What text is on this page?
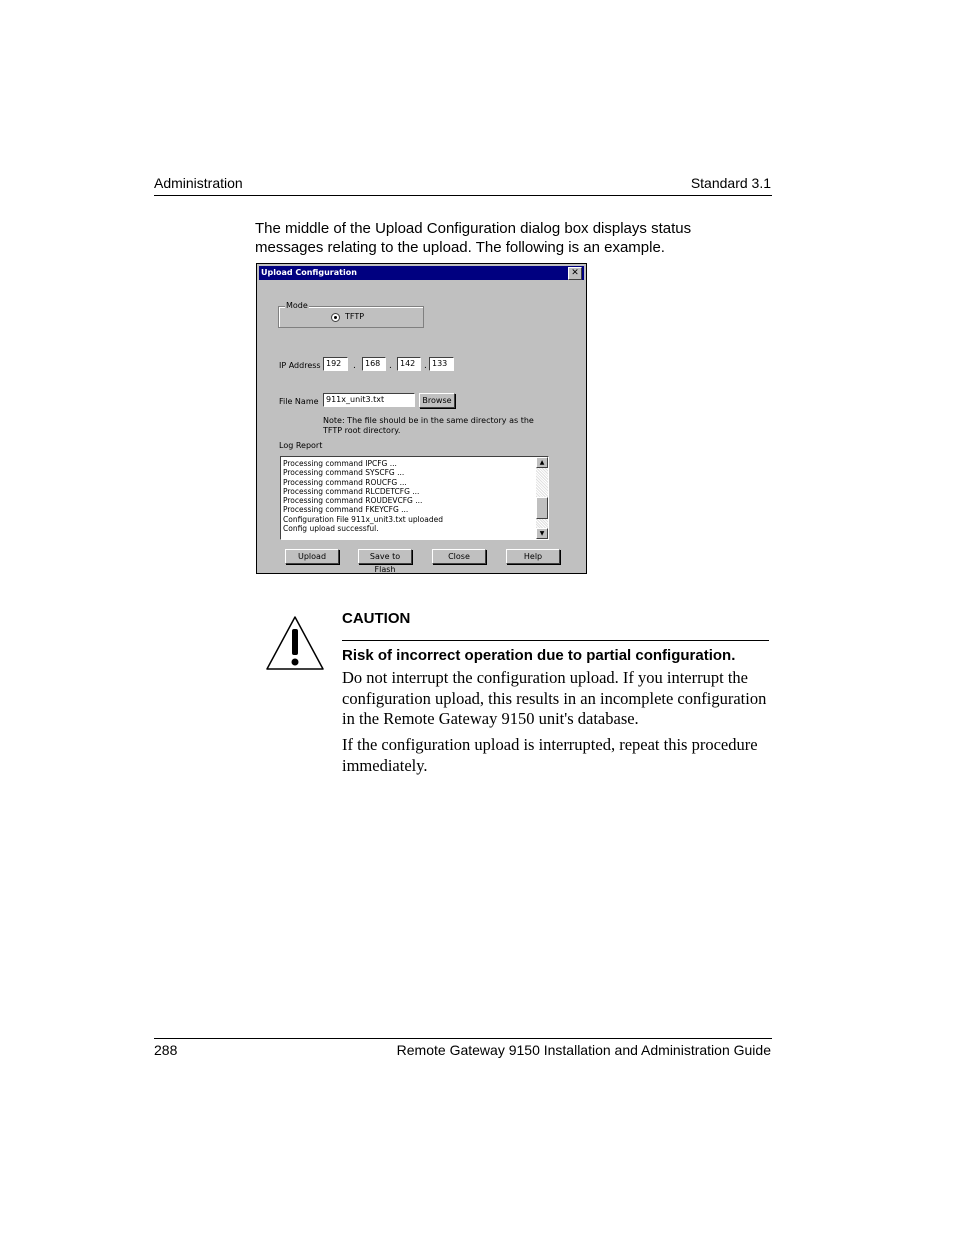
Administration	Standard 3.1
The middle of the Upload Configuration dialog box displays status messages relating to the upload. The following is an example.
Upload Configuration	✕
Mode
TFTP
IP Address 192	.	168 .	142 . 133
File Name 911x_unit3.txt	Browse
Note: The file should be in the same directory as the TFTP root directory.
Log Report
Processing command IPCFG ...
Processing command SYSCFG ...
Processing command ROUCFG ...
Processing command RLCDETCFG ...
Processing command ROUDEVCFG ...
Processing command FKEYCFG ...
Configuration File 911x_unit3.txt uploaded
Config upload successful.
▲
▼
Upload	Save to Flash
Close	Help
CAUTION
Risk of incorrect operation due to partial configuration.
Do not interrupt the configuration upload. If you interrupt the configuration upload, this results in an incomplete configuration in the Remote Gateway 9150 unit's database.
If the configuration upload is interrupted, repeat this procedure immediately.
288	Remote Gateway 9150 Installation and Administration Guide
